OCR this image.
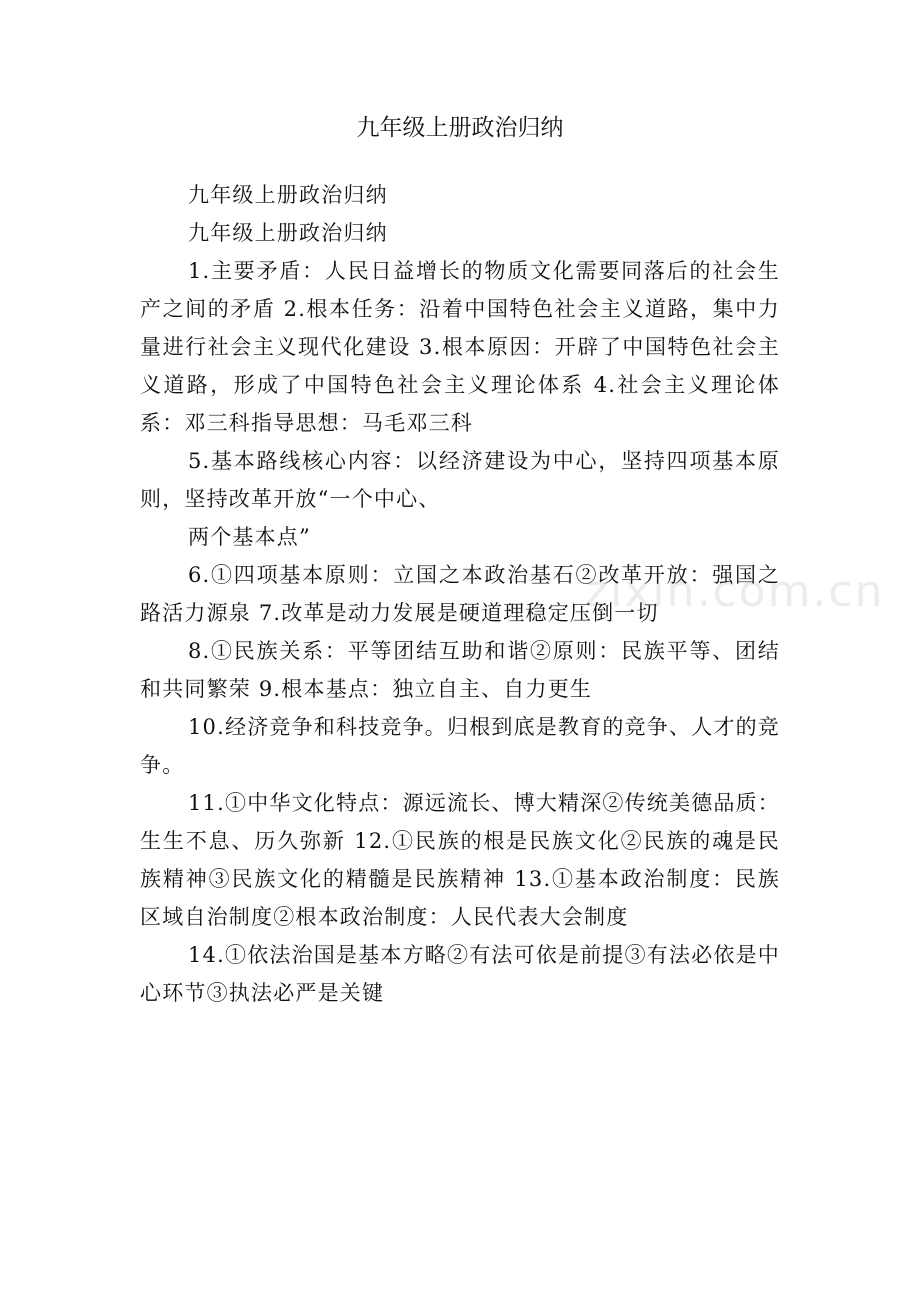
zixin.com.cn
九年级上册政治归纳

九年级上册政治归纳

九年级上册政治归纳

1.主要矛盾：人民日益增长的物质文化需要同落后的社会生产之间的矛盾 2.根本任务：沿着中国特色社会主义道路，集中力量进行社会主义现代化建设 3.根本原因：开辟了中国特色社会主义道路，形成了中国特色社会主义理论体系 4.社会主义理论体系：邓三科指导思想：马毛邓三科

5.基本路线核心内容：以经济建设为中心，坚持四项基本原则，坚持改革开放“一个中心、

两个基本点”

6.①四项基本原则：立国之本政治基石②改革开放：强国之路活力源泉 7.改革是动力发展是硬道理稳定压倒一切

8.①民族关系：平等团结互助和谐②原则：民族平等、团结和共同繁荣 9.根本基点：独立自主、自力更生

10.经济竞争和科技竞争。归根到底是教育的竞争、人才的竞争。

11.①中华文化特点：源远流长、博大精深②传统美德品质：生生不息、历久弥新 12.①民族的根是民族文化②民族的魂是民族精神③民族文化的精髓是民族精神 13.①基本政治制度：民族区域自治制度②根本政治制度：人民代表大会制度

14.①依法治国是基本方略②有法可依是前提③有法必依是中心环节③执法必严是关键
